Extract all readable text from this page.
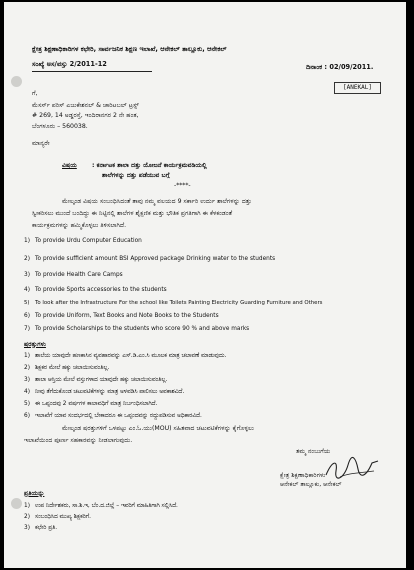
ಕ್ಷೇತ್ರ ಶಿಕ್ಷಣಾಧಿಕಾರಿಗಳ ಕಛೇರಿ, ಸಾರ್ವಜನಿಕ ಶಿಕ್ಷಣ ಇಲಾಖೆ, ಆನೇಕಲ್ ತಾಲ್ಲೂಕು, ಆನೇಕಲ್
ಸಂಖ್ಯೆ ಅಸ/ವಸ್ತು 2/2011-12	ದಿನಾಂಕ : 02/09/2011.
[ANEKAL]
ಗೆ,
ಮೆಸರ್ಸ್ ಪರಿಸ್ ಎಜುಕೇಶನಲ್ & ಚಾರಿಟಬಲ್ ಟ್ರಸ್ಟ್
# 269, 14 ಅಡ್ಡರಸ್ತೆ, ಇಂದಿರಾನಗರ 2 ನೇ ಹಂತ,
ಬೆಂಗಳೂರು – 560038.
ಮಾನ್ಯರೇ
ವಿಷಯ : ಕರ್ನಾಟಕ ಶಾಲಾ ದತ್ತು ಯೋಜನೆ ಕಾರ್ಯಕ್ರಮವಡಿಯಲ್ಲಿ
ಶಾಲೆಗಳನ್ನು ದತ್ತು ಪಡೆಯುವ ಬಗ್ಗೆ
-****-
ಮೇಲ್ಕಂಡ ವಿಷಯ ಸಂಬಂಧಿಸಿದಂತೆ ತಾವು ನಮ್ಮ ವಲಯದ 9 ಸರ್ಕಾರಿ ಉರ್ದು ಶಾಲೆಗಳನ್ನು ದತ್ತು
ಸ್ವೀಕರಿಸಲು ಮುಂದೆ ಬಂದಿದ್ದು ಈ ನಿಟ್ಟಿನಲ್ಲಿ ಶಾಲೆಗಳ ಶೈಕ್ಷಣಿಕ ಮತ್ತು ಭೌತಿಕ ಪ್ರಗತಿಗಾಗಿ ಈ ಕೆಳಕಂಡಂತೆ
ಕಾರ್ಯಕ್ರಮಗಳನ್ನು ಹಮ್ಮಿಕೊಳ್ಳಲು ತಿಳಿಸಲಾಗಿದೆ.
1) To provide Urdu Computer Education
2) To provide sufficient amount BSI Approved package Drinking water to the students
3) To provide Health Care Camps
4) To provide Sports accessories to the students
5) To look after the Infrastructure For the school like Toilets Painting Electricity Guarding Furniture and Others
6) To provide Uniform, Text Books and Note Books to the Students
7) To provide Scholarships to the students who score 90 % and above marks
ಷರತ್ತುಗಳು
1) ಶಾಲೆಯ ಯಾವುದೇ ಹಣಕಾಸಿನ ವ್ಯವಹಾರವನ್ನು ಎಸ್.ಡಿ.ಎಂ.ಸಿ ಮೂಲಕ ಮಾತ್ರ ಚಲಾವಣೆ ಮಾಡುವುದು.
2) ಶಿಕ್ಷಕರ ಮೇಲೆ ಹಕ್ಕು ಚಲಾಯಿಸುವಂತಿಲ್ಲ.
3) ಶಾಲಾ ಆಸ್ತಿಯ ಮೇಲೆ ವಸ್ತುಗಳಾದ ಯಾವುದೇ ಹಕ್ಕು ಚಲಾಯಿಸುವಂತಿಲ್ಲ.
4) ನೀವು ತೆಗೆದುಕೊಂಡ ಚಟುವಟಿಕೆಗಳನ್ನು ಮಾತ್ರ ಅಳವಡಿಸಿ ಪಾಲಿಸಲು ಅವಕಾಶವಿದೆ.
5) ಈ ಒಪ್ಪಂದವು 2 ವರ್ಷಗಳ ಕಾಲಾವಧಿಗೆ ಮಾತ್ರ ನಿರ್ಬಂಧಿಸಲಾಗಿದೆ.
6) ಇಲಾಖೆಗೆ ಯಾವ ಸಂದರ್ಭದಲ್ಲಿ ಬೇಕಾದರೂ ಈ ಒಪ್ಪಂದವನ್ನು ರದ್ದುಪಡಿಸುವ ಅಧಿಕಾರವಿದೆ.
ಮೇಲ್ಕಂಡ ಷರತ್ತುಗಳಿಗೆ ಒಳಪಟ್ಟು ಎಂ.ಓ.ಯು(MOU) ಸಹಿತವಾದ ಚಟುವಟಿಕೆಗಳನ್ನು ಕೈಗೊಳ್ಳಲು
ಇಲಾಖೆಯಿಂದ ಪೂರ್ಣ ಸಹಕಾರವನ್ನು ನೀಡಲಾಗುವುದು.
ತಮ್ಮ ನಂಬುಗೆಯ
ಕ್ಷೇತ್ರ ಶಿಕ್ಷಣಾಧಿಕಾರಿಗಳು
ಆನೇಕಲ್ ತಾಲ್ಲೂಕು, ಆನೇಕಲ್
ಪ್ರತಿಯನ್ನು
1) ಉಪ ನಿರ್ದೇಶಕರು, ಸಾ.ಶಿ.ಇ, ಬೆಂ.ದ.ಜಿಲ್ಲೆ – ಇವರಿಗೆ ಮಾಹಿತಿಗಾಗಿ ಸಲ್ಲಿಸಿದೆ.
2) ಸಂಬಂಧಿಸಿದ ಮುಖ್ಯ ಶಿಕ್ಷಕರಿಗೆ.
3) ಕಛೇರಿ ಪ್ರತಿ.
